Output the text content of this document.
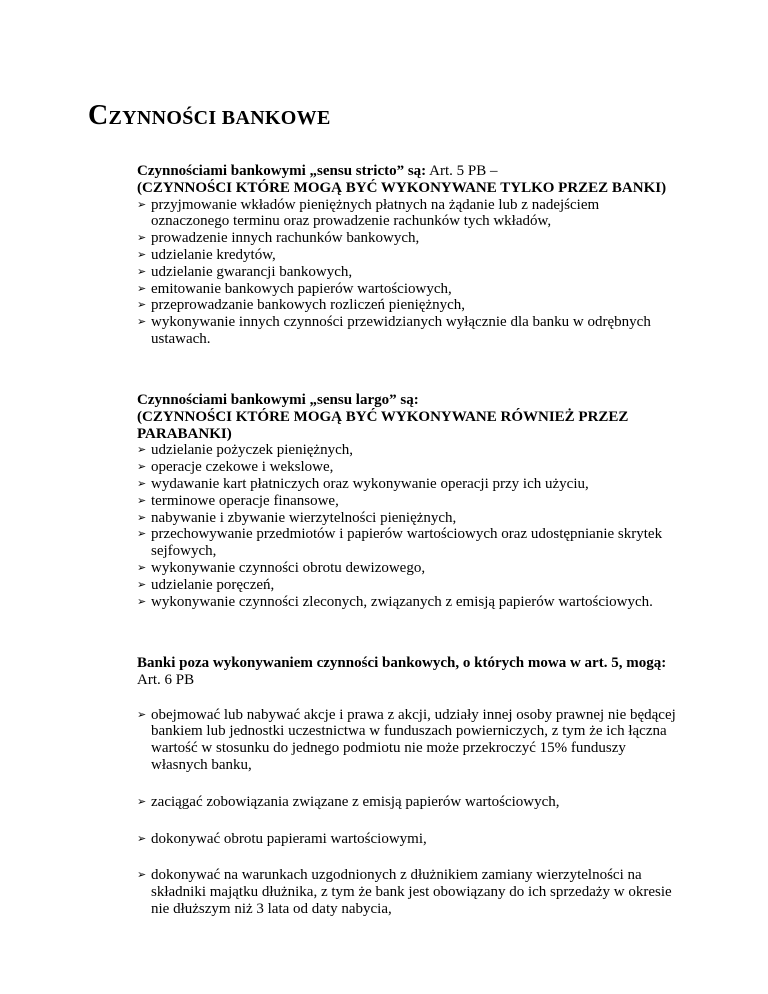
CZYNNOŚCI BANKOWE
Czynnościami bankowymi „sensu stricto” są: Art. 5 PB –
(CZYNNOŚCI KTÓRE MOGĄ BYĆ WYKONYWANE TYLKO PRZEZ BANKI)
➢ przyjmowanie wkładów pieniężnych płatnych na żądanie lub z nadejściem oznaczonego terminu oraz prowadzenie rachunków tych wkładów,
➢ prowadzenie innych rachunków bankowych,
➢ udzielanie kredytów,
➢ udzielanie gwarancji bankowych,
➢ emitowanie bankowych papierów wartościowych,
➢ przeprowadzanie bankowych rozliczeń pieniężnych,
➢ wykonywanie innych czynności przewidzianych wyłącznie dla banku w odrębnych ustawach.
Czynnościami bankowymi „sensu largo” są:
(CZYNNOŚCI KTÓRE MOGĄ BYĆ WYKONYWANE RÓWNIEŻ PRZEZ PARABANKI)
➢ udzielanie pożyczek pieniężnych,
➢ operacje czekowe i wekslowe,
➢ wydawanie kart płatniczych oraz wykonywanie operacji przy ich użyciu,
➢ terminowe operacje finansowe,
➢ nabywanie i zbywanie wierzytelności pieniężnych,
➢ przechowywanie przedmiotów i papierów wartościowych oraz udostępnianie skrytek sejfowych,
➢ wykonywanie czynności obrotu dewizowego,
➢ udzielanie poręczeń,
➢ wykonywanie czynności zleconych, związanych z emisją papierów wartościowych.
Banki poza wykonywaniem czynności bankowych, o których mowa w art. 5, mogą: Art. 6 PB
➢ obejmować lub nabywać akcje i prawa z akcji, udziały innej osoby prawnej nie będącej bankiem lub jednostki uczestnictwa w funduszach powierniczych, z tym że ich łączna wartość w stosunku do jednego podmiotu nie może przekroczyć 15% funduszy własnych banku,
➢ zaciągać zobowiązania związane z emisją papierów wartościowych,
➢ dokonywać obrotu papierami wartościowymi,
➢ dokonywać na warunkach uzgodnionych z dłużnikiem zamiany wierzytelności na składniki majątku dłużnika, z tym że bank jest obowiązany do ich sprzedaży w okresie nie dłuższym niż 3 lata od daty nabycia,
